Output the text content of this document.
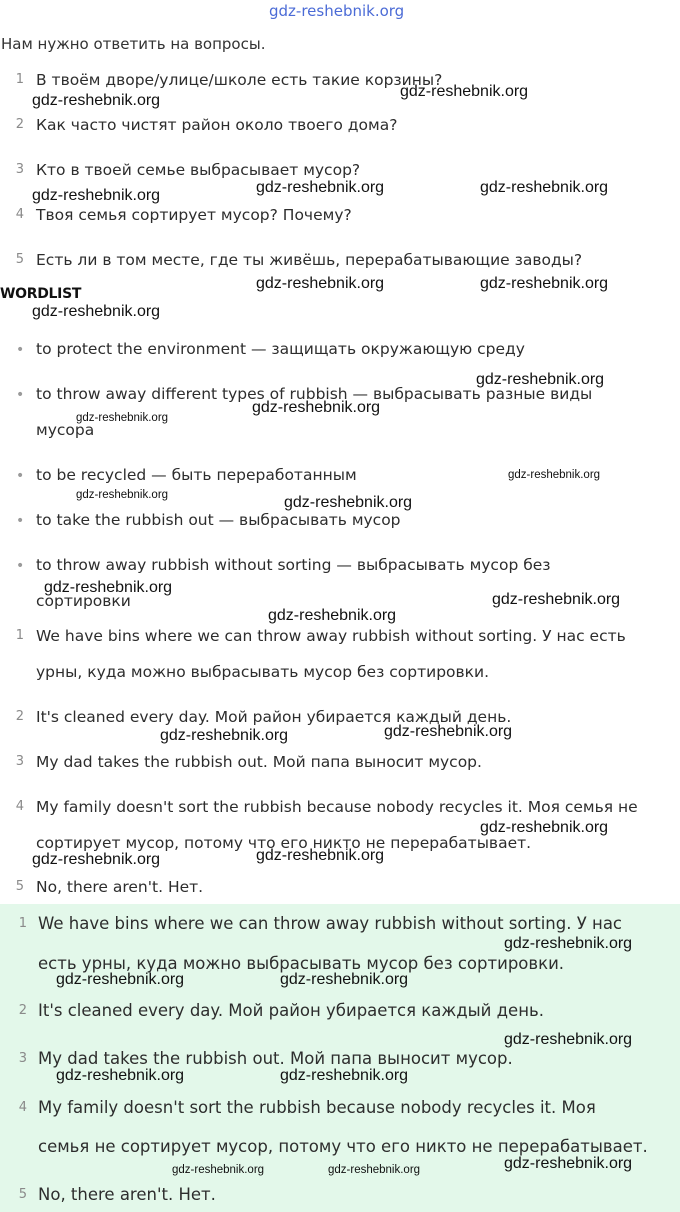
gdz-reshebnik.org
Нам нужно ответить на вопросы.
1 В твоём дворе/улице/школе есть такие корзины?
2 Как часто чистят район около твоего дома?
3 Кто в твоей семье выбрасывает мусор?
4 Твоя семья сортирует мусор? Почему?
5 Есть ли в том месте, где ты живёшь, перерабатывающие заводы?
WORDLIST
• to protect the environment — защищать окружающую среду
• to throw away different types of rubbish — выбрасывать разные виды
мусора
• to be recycled — быть переработанным
• to take the rubbish out — выбрасывать мусор
• to throw away rubbish without sorting — выбрасывать мусор без
сортировки
1 We have bins where we can throw away rubbish without sorting. У нас есть
урны, куда можно выбрасывать мусор без сортировки.
2 It's cleaned every day. Мой район убирается каждый день.
3 My dad takes the rubbish out. Мой папа выносит мусор.
4 My family doesn't sort the rubbish because nobody recycles it. Моя семья не
сортирует мусор, потому что его никто не перерабатывает.
5 No, there aren't. Нет.
1 We have bins where we can throw away rubbish without sorting. У нас
есть урны, куда можно выбрасывать мусор без сортировки.
2 It's cleaned every day. Мой район убирается каждый день.
3 My dad takes the rubbish out. Мой папа выносит мусор.
4 My family doesn't sort the rubbish because nobody recycles it. Моя
семья не сортирует мусор, потому что его никто не перерабатывает.
5 No, there aren't. Нет.
gdz-reshebnik.org
gdz-reshebnik.org
gdz-reshebnik.org	gdz-reshebnik.org	gdz-reshebnik.org
gdz-reshebnik.org	gdz-reshebnik.org
gdz-reshebnik.org
gdz-reshebnik.org
gdz-reshebnik.org
gdz-reshebnik.org
gdz-reshebnik.org
gdz-reshebnik.org	gdz-reshebnik.org
gdz-reshebnik.org
gdz-reshebnik.org
gdz-reshebnik.org
gdz-reshebnik.org
gdz-reshebnik.org
gdz-reshebnik.org
gdz-reshebnik.org
gdz-reshebnik.org
gdz-reshebnik.org
gdz-reshebnik.org	gdz-reshebnik.org
gdz-reshebnik.org
gdz-reshebnik.org	gdz-reshebnik.org
gdz-reshebnik.org
gdz-reshebnik.org	gdz-reshebnik.org
